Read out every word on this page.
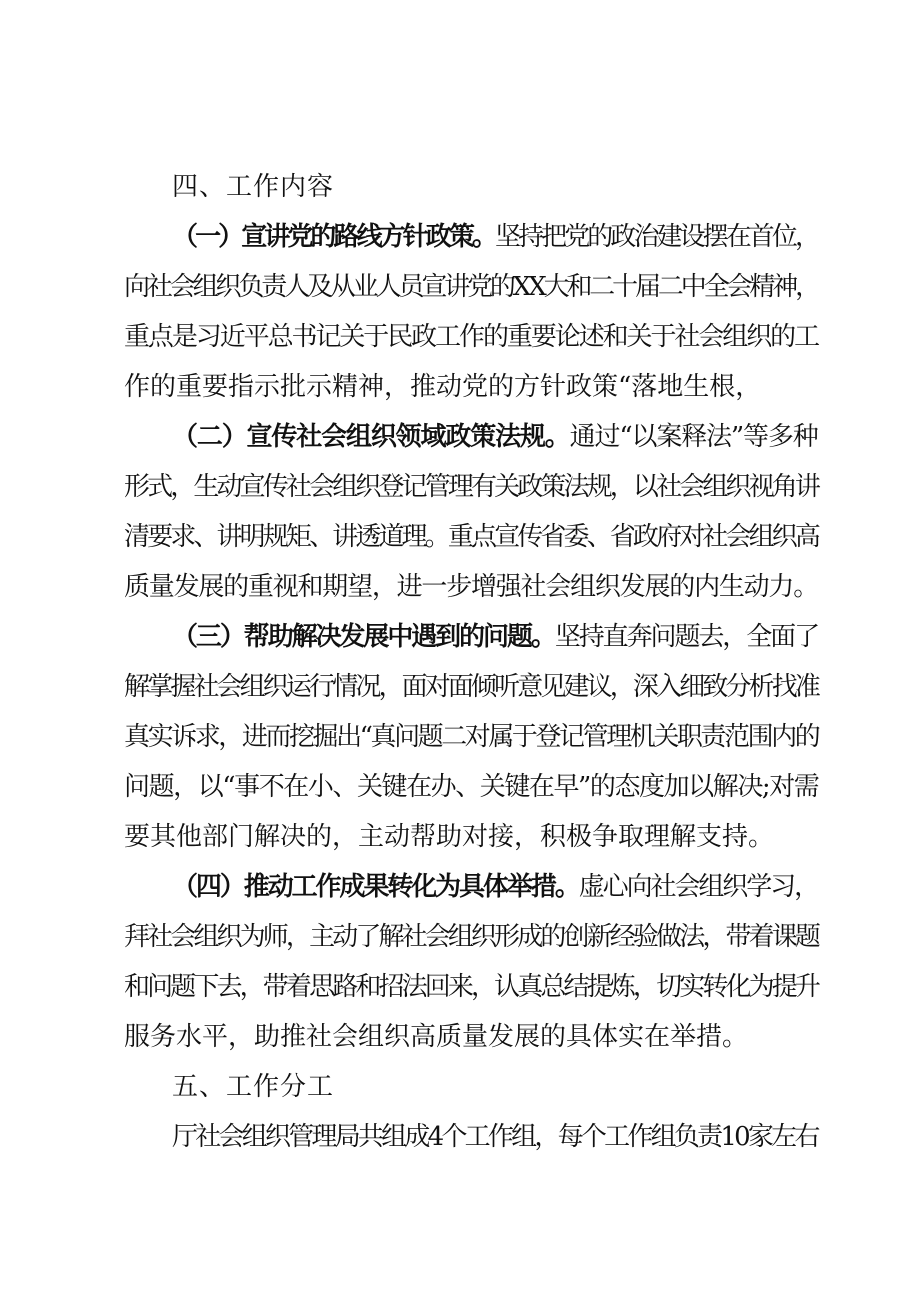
四、工作内容
（一）宣讲党的路线方针政策。坚持把党的政治建设摆在首位，
向社会组织负责人及从业人员宣讲党的XX大和二十届二中全会精神，
重点是习近平总书记关于民政工作的重要论述和关于社会组织的工
作的重要指示批示精神，推动党的方针政策“落地生根，
（二）宣传社会组织领域政策法规。通过“以案释法”等多种
形式，生动宣传社会组织登记管理有关政策法规，以社会组织视角讲
清要求、讲明规矩、讲透道理。重点宣传省委、省政府对社会组织高
质量发展的重视和期望，进一步增强社会组织发展的内生动力。
（三）帮助解决发展中遇到的问题。坚持直奔问题去，全面了
解掌握社会组织运行情况，面对面倾听意见建议，深入细致分析找准
真实诉求，进而挖掘出“真问题二对属于登记管理机关职责范围内的
问题，以“事不在小、关键在办、关键在早”的态度加以解决;对需
要其他部门解决的，主动帮助对接，积极争取理解支持。
（四）推动工作成果转化为具体举措。虚心向社会组织学习，
拜社会组织为师，主动了解社会组织形成的创新经验做法，带着课题
和问题下去，带着思路和招法回来，认真总结提炼，切实转化为提升
服务水平，助推社会组织高质量发展的具体实在举措。
五、工作分工
厅社会组织管理局共组成4个工作组，每个工作组负责10家左右
